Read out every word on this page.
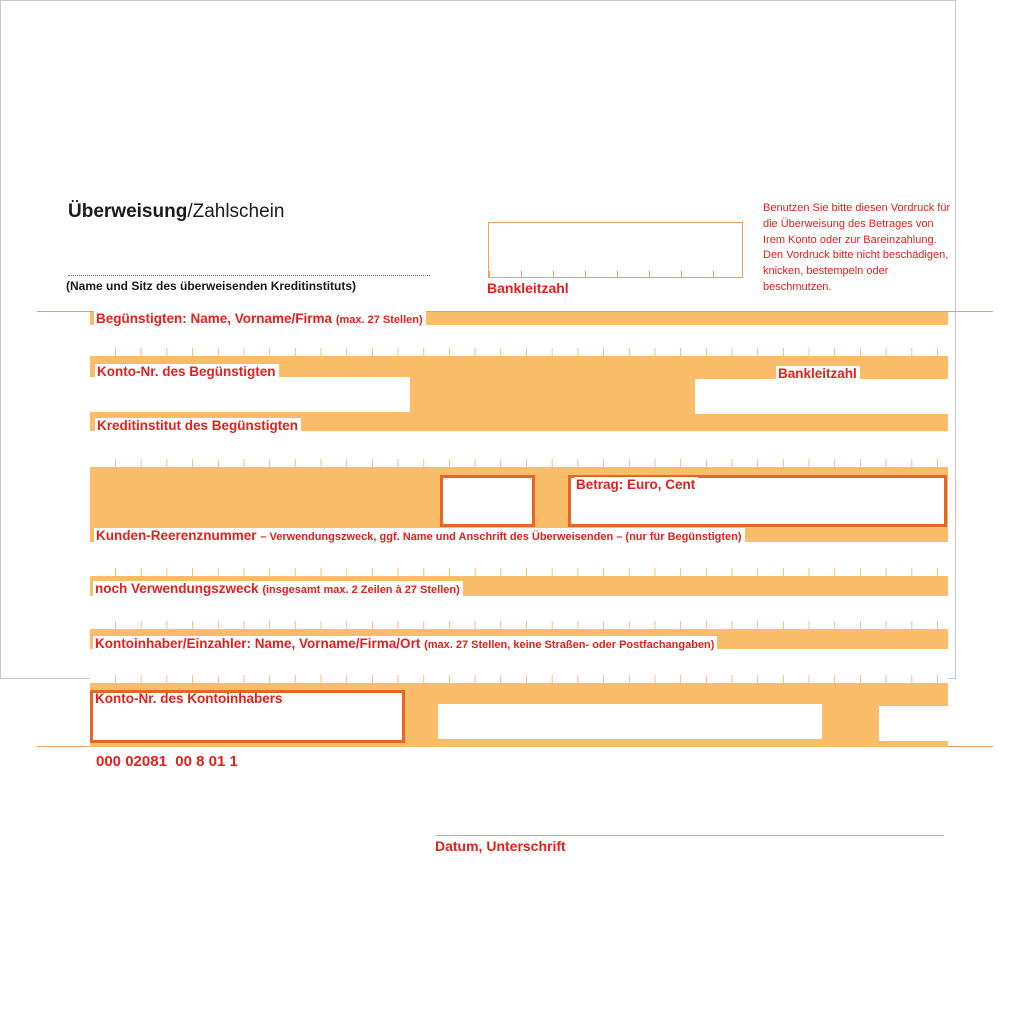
Überweisung/Zahlschein
(Name und Sitz des überweisenden Kreditinstituts)	Bankleitzahl
Benutzen Sie bitte diesen Vordruck für
die Überweisung des Betrages von
Irem Konto oder zur Bareinzahlung.
Den Vordruck bitte nicht beschädigen,
knicken, bestempeln oder
beschmutzen.
Begünstigten: Name, Vorname/Firma (max. 27 Stellen)
Konto-Nr. des Begünstigten	Bankleitzahl
Kreditinstitut des Begünstigten
Betrag: Euro, Cent
Kunden-Reerenznummer – Verwendungszweck, ggf. Name und Anschrift des Überweisenden – (nur für Begünstigten)
noch Verwendungszweck (insgesamt max. 2 Zeilen à 27 Stellen)
Kontoinhaber/Einzahler: Name, Vorname/Firma/Ort (max. 27 Stellen, keine Straßen- oder Postfachangaben)
Konto-Nr. des Kontoinhabers
000 02081  00 8 01 1
Datum, Unterschrift
